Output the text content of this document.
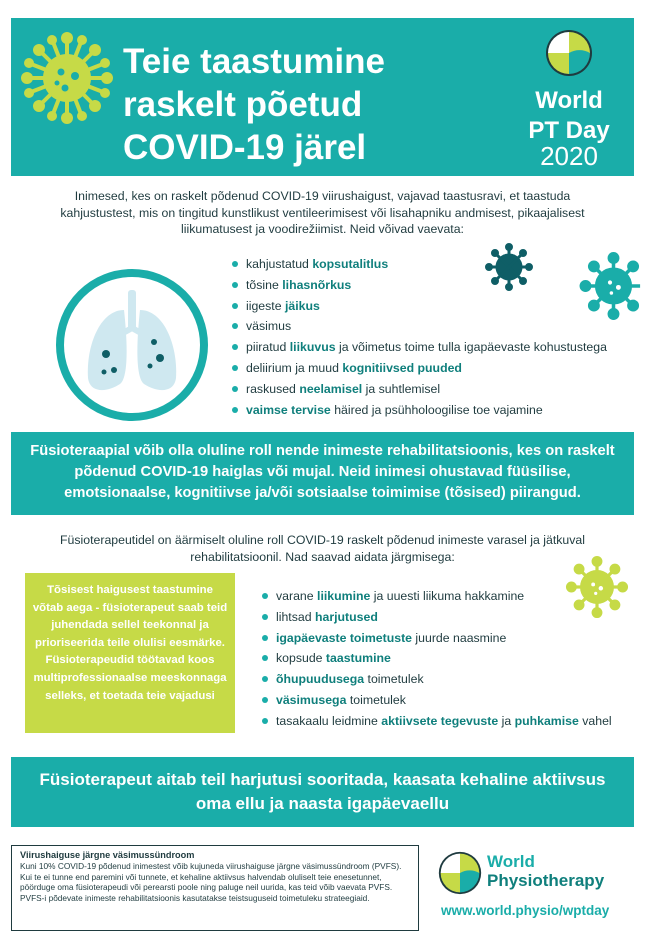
Teie taastumine
raskelt põetud
COVID-19 järel
World
PT Day
2020
Inimesed, kes on raskelt põdenud COVID-19 viirushaigust, vajavad taastusravi, et taastuda kahjustustest, mis on tingitud kunstlikust ventileerimisest või lisahapniku andmisest, pikaajalisest liikumatusest ja voodirežiimist. Neid võivad vaevata:
kahjustatud kopsutalitlus
tõsine lihasnõrkus
iigeste jäikus
väsimus
piiratud liikuvus ja võimetus toime tulla igapäevaste kohustustega
deliirium ja muud kognitiivsed puuded
raskused neelamisel ja suhtlemisel
vaimse tervise häired ja psühholoogilise toe vajamine

Füsioteraapial võib olla oluline roll nende inimeste rehabilitatsioonis, kes on raskelt põdenud COVID-19 haiglas või mujal. Neid inimesi ohustavad füüsilise, emotsionaalse, kognitiivse ja/või sotsiaalse toimimise (tõsised) piirangud.

Füsioterapeutidel on äärmiselt oluline roll COVID-19 raskelt põdenud inimeste varasel ja jätkuval rehabilitatsioonil. Nad saavad aidata järgmisega:

Tõsisest haigusest taastumine võtab aega - füsioterapeut saab teid juhendada sellel teekonnal ja prioriseerida teile olulisi eesmärke. Füsioterapeudid töötavad koos multiprofessionaalse meeskonnaga selleks, et toetada teie vajadusi

varane liikumine ja uuesti liikuma hakkamine
lihtsad harjutused
igapäevaste toimetuste juurde naasmine
kopsude taastumine
õhupuudusega toimetulek
väsimusega toimetulek
tasakaalu leidmine aktiivsete tegevuste ja puhkamise vahel

Füsioterapeut aitab teil harjutusi sooritada, kaasata kehaline aktiivsus oma ellu ja naasta igapäevaellu

Viirushaiguse järgne väsimussündroom
Kuni 10% COVID-19 põdenud inimestest võib kujuneda viirushaiguse järgne väsimussündroom (PVFS). Kui te ei tunne end paremini või tunnete, et kehaline aktiivsus halvendab oluliselt teie enesetunnet, pöörduge oma füsioterapeudi või perearsti poole ning paluge neil uurida, kas teid võib vaevata PVFS. PVFS-i põdevate inimeste rehabilitatsioonis kasutatakse teistsuguseid toimetuleku strateegiaid.
World
Physiotherapy
www.world.physio/wptday
